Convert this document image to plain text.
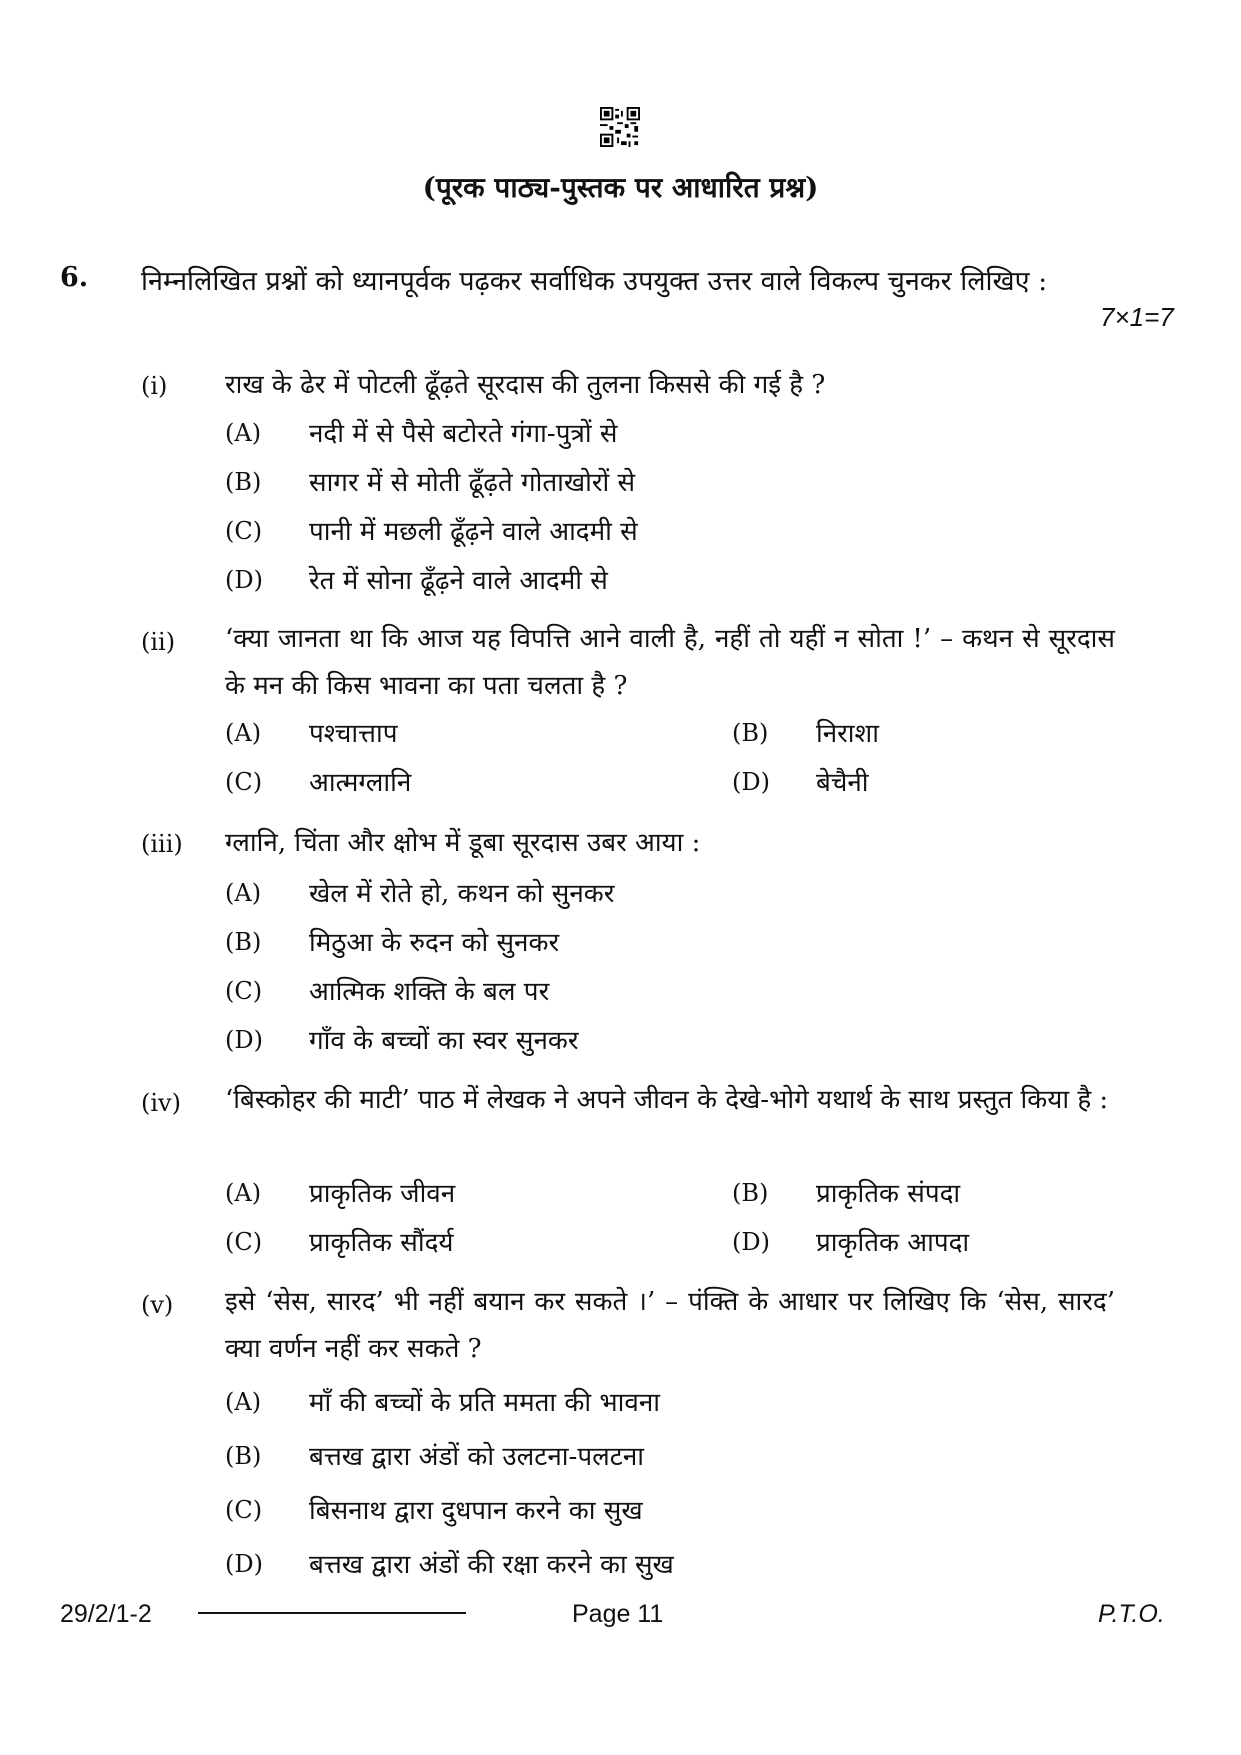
(पूरक पाठ्य-पुस्तक पर आधारित प्रश्न)
6. निम्नलिखित प्रश्नों को ध्यानपूर्वक पढ़कर सर्वाधिक उपयुक्त उत्तर वाले विकल्प चुनकर लिखिए :
7×1=7
(i) राख के ढेर में पोटली ढूँढ़ते सूरदास की तुलना किससे की गई है ?
(A) नदी में से पैसे बटोरते गंगा-पुत्रों से
(B) सागर में से मोती ढूँढ़ते गोताखोरों से
(C) पानी में मछली ढूँढ़ने वाले आदमी से
(D) रेत में सोना ढूँढ़ने वाले आदमी से
(ii) ‘क्या जानता था कि आज यह विपत्ति आने वाली है, नहीं तो यहीं न सोता !’ – कथन से सूरदास के मन की किस भावना का पता चलता है ?
(A) पश्चात्ताप	(B) निराशा
(C) आत्मग्लानि	(D) बेचैनी
(iii) ग्लानि, चिंता और क्षोभ में डूबा सूरदास उबर आया :
(A) खेल में रोते हो, कथन को सुनकर
(B) मिठुआ के रुदन को सुनकर
(C) आत्मिक शक्ति के बल पर
(D) गाँव के बच्चों का स्वर सुनकर
(iv) ‘बिस्कोहर की माटी’ पाठ में लेखक ने अपने जीवन के देखे-भोगे यथार्थ के साथ प्रस्तुत किया है :
(A) प्राकृतिक जीवन	(B) प्राकृतिक संपदा
(C) प्राकृतिक सौंदर्य	(D) प्राकृतिक आपदा
(v) इसे ‘सेस, सारद’ भी नहीं बयान कर सकते ।’ – पंक्ति के आधार पर लिखिए कि ‘सेस, सारद’ क्या वर्णन नहीं कर सकते ?
(A) माँ की बच्चों के प्रति ममता की भावना
(B) बत्तख द्वारा अंडों को उलटना-पलटना
(C) बिसनाथ द्वारा दुधपान करने का सुख
(D) बत्तख द्वारा अंडों की रक्षा करने का सुख
29/2/1-2	Page 11	P.T.O.
